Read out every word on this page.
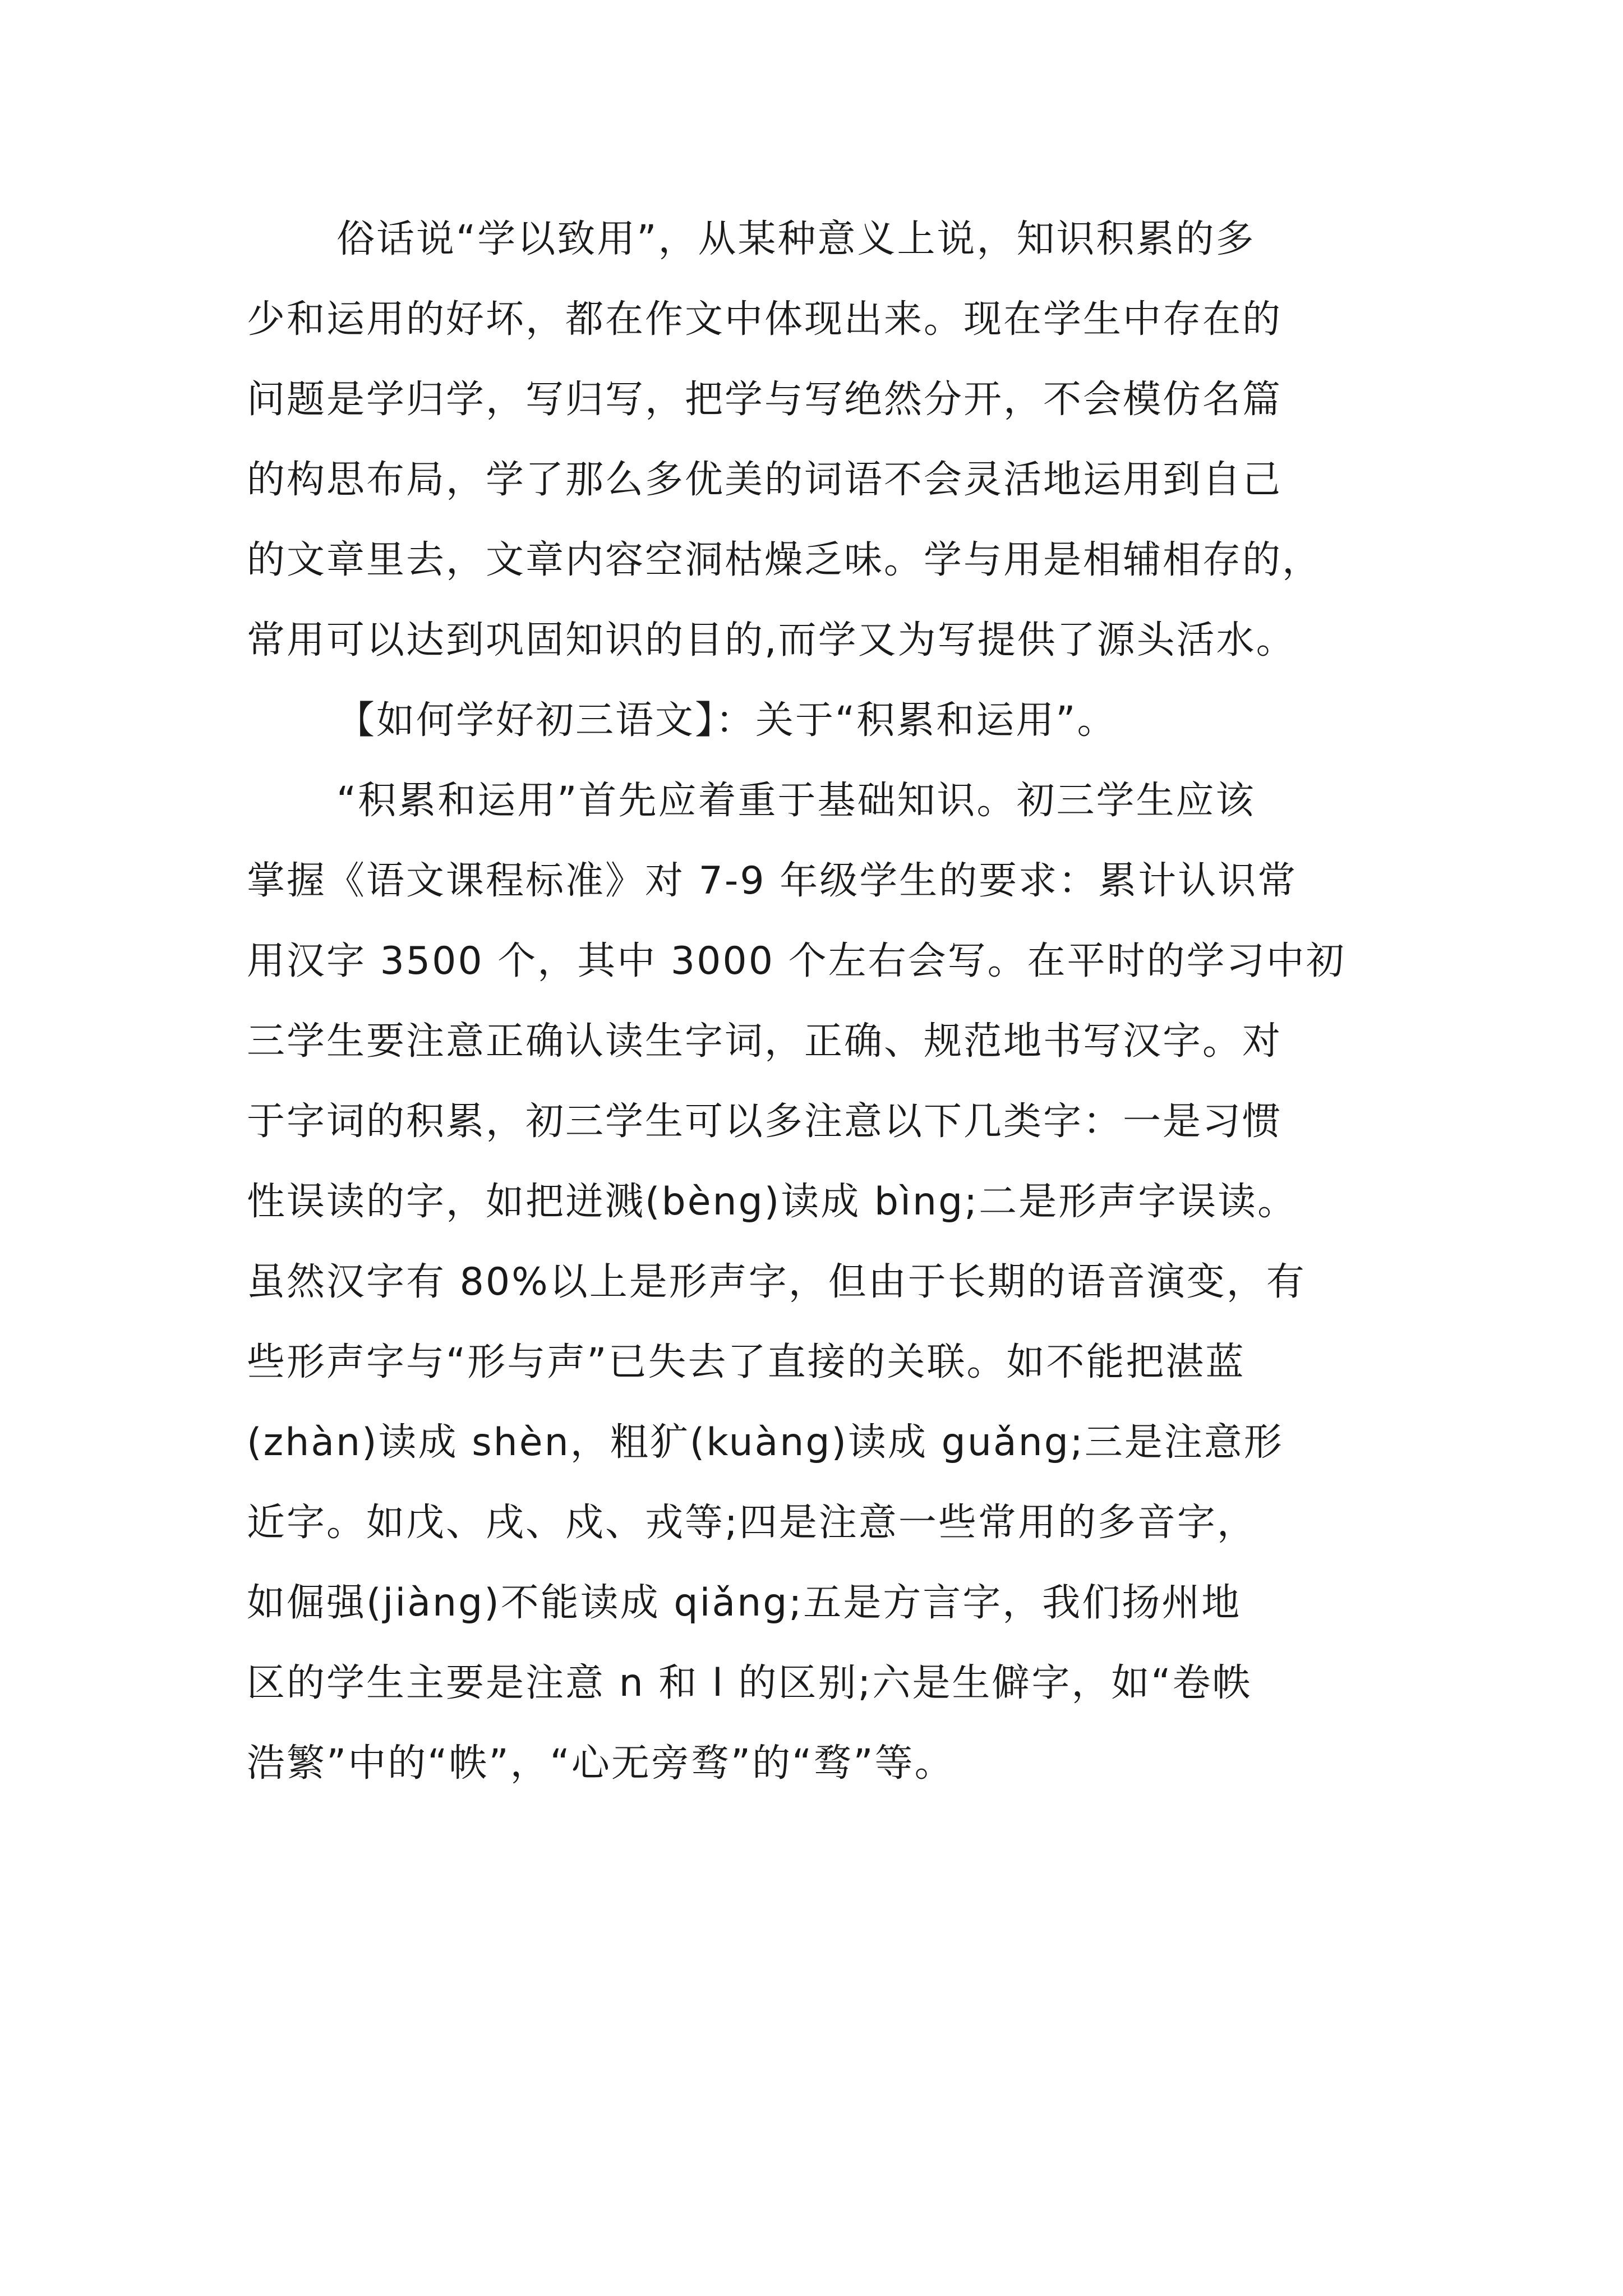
俗话说“学以致用”，从某种意义上说，知识积累的多
少和运用的好坏，都在作文中体现出来。现在学生中存在的
问题是学归学，写归写，把学与写绝然分开，不会模仿名篇
的构思布局，学了那么多优美的词语不会灵活地运用到自己
的文章里去，文章内容空洞枯燥乏味。学与用是相辅相存的，
常用可以达到巩固知识的目的,而学又为写提供了源头活水。
【如何学好初三语文】：关于“积累和运用”。
“积累和运用”首先应着重于基础知识。初三学生应该
掌握《语文课程标准》对 7-9 年级学生的要求：累计认识常
用汉字 3500 个，其中 3000 个左右会写。在平时的学习中初
三学生要注意正确认读生字词，正确、规范地书写汉字。对
于字词的积累，初三学生可以多注意以下几类字：一是习惯
性误读的字，如把迸溅(bèng)读成 bìng;二是形声字误读。
虽然汉字有 80%以上是形声字，但由于长期的语音演变，有
些形声字与“形与声”已失去了直接的关联。如不能把湛蓝
(zhàn)读成 shèn，粗犷(kuàng)读成 guǎng;三是注意形
近字。如戊、戌、戍、戎等;四是注意一些常用的多音字，
如倔强(jiàng)不能读成 qiǎng;五是方言字，我们扬州地
区的学生主要是注意 n 和 l 的区别;六是生僻字，如“卷帙
浩繁”中的“帙”，“心无旁骛”的“骛”等。
